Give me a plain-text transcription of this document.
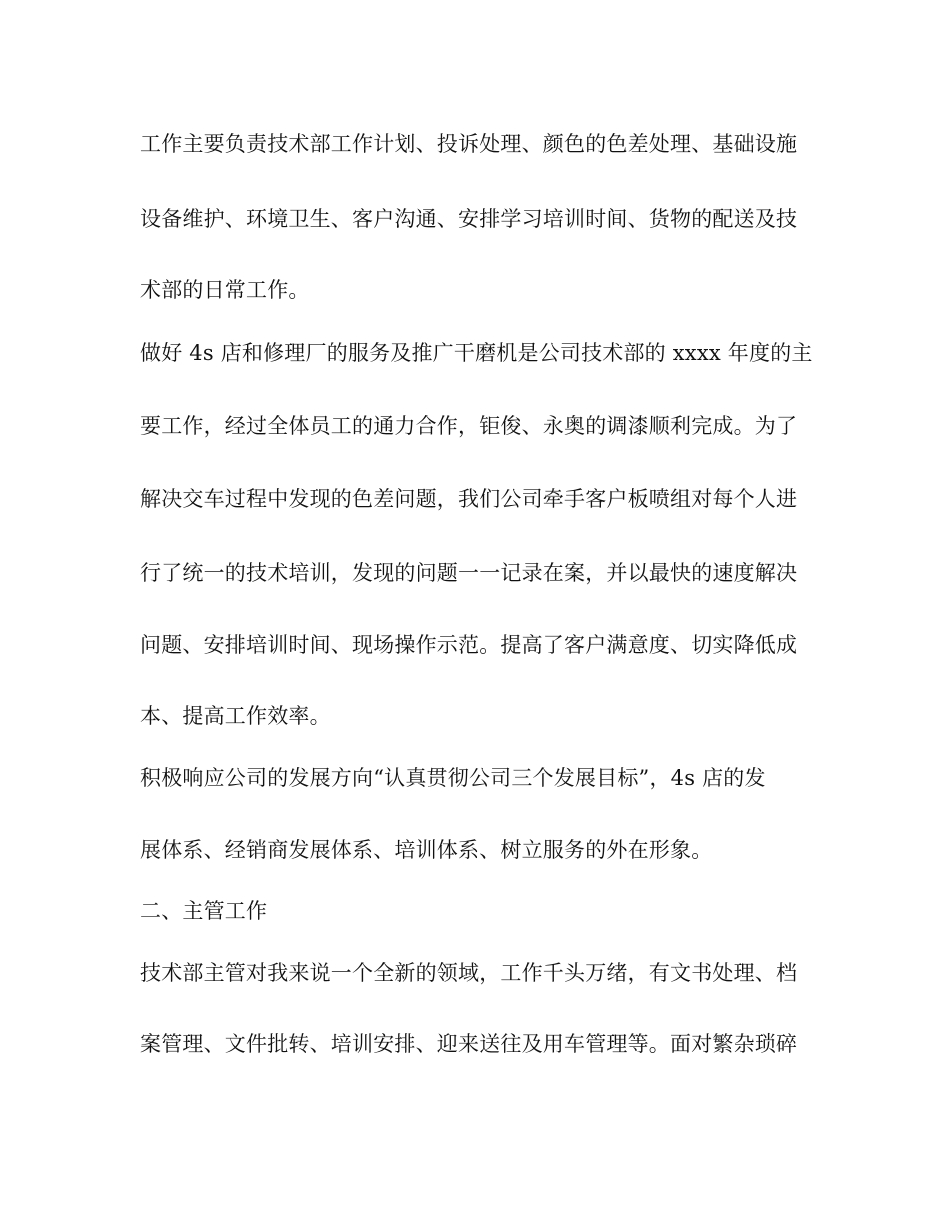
工作主要负责技术部工作计划、投诉处理、颜色的色差处理、基础设施
设备维护、环境卫生、客户沟通、安排学习培训时间、货物的配送及技
术部的日常工作。
做好 4s 店和修理厂的服务及推广干磨机是公司技术部的 xxxx 年度的主
要工作，经过全体员工的通力合作，钜俊、永奥的调漆顺利完成。为了
解决交车过程中发现的色差问题，我们公司牵手客户板喷组对每个人进
行了统一的技术培训，发现的问题一一记录在案，并以最快的速度解决
问题、安排培训时间、现场操作示范。提高了客户满意度、切实降低成
本、提高工作效率。
积极响应公司的发展方向“认真贯彻公司三个发展目标”，4s 店的发
展体系、经销商发展体系、培训体系、树立服务的外在形象。
二、主管工作
技术部主管对我来说一个全新的领域，工作千头万绪，有文书处理、档
案管理、文件批转、培训安排、迎来送往及用车管理等。面对繁杂琐碎
